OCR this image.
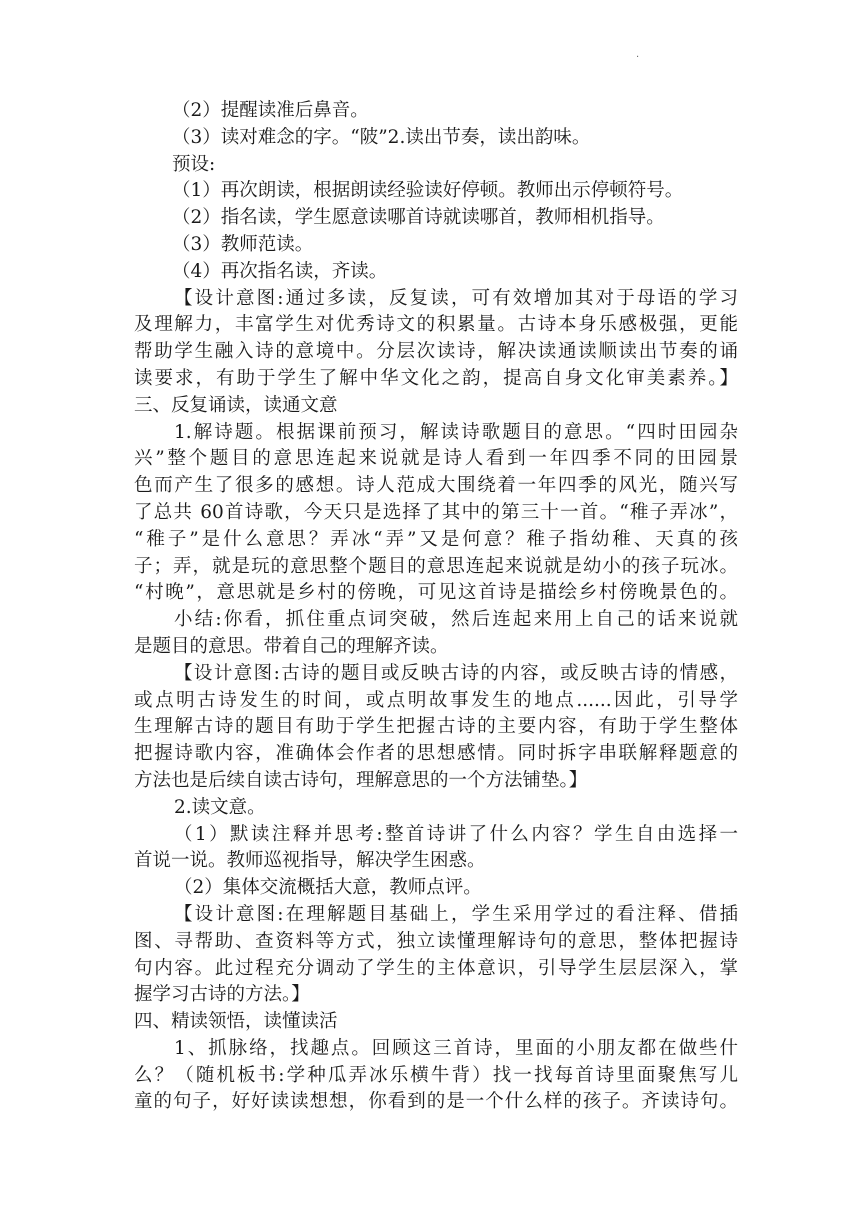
·

（2）提醒读准后鼻音。

（3）读对难念的字。“陂”2.读出节奏，读出韵味。

预设:

（1）再次朗读，根据朗读经验读好停顿。教师出示停顿符号。

（2）指名读，学生愿意读哪首诗就读哪首，教师相机指导。

（3）教师范读。

（4）再次指名读，齐读。

【设计意图:通过多读，反复读，可有效增加其对于母语的学习

及理解力，丰富学生对优秀诗文的积累量。古诗本身乐感极强，更能

帮助学生融入诗的意境中。分层次读诗，解决读通读顺读出节奏的诵

读要求，有助于学生了解中华文化之韵，提高自身文化审美素养。】

三、反复诵读，读通文意

1.解诗题。根据课前预习，解读诗歌题目的意思。“四时田园杂

兴”整个题目的意思连起来说就是诗人看到一年四季不同的田园景

色而产生了很多的感想。诗人范成大围绕着一年四季的风光，随兴写

了总共 60首诗歌，今天只是选择了其中的第三十一首。“稚子弄冰”，

“稚子”是什么意思？弄冰“弄”又是何意？稚子指幼稚、天真的孩

子；弄，就是玩的意思整个题目的意思连起来说就是幼小的孩子玩冰。

“村晚”，意思就是乡村的傍晚，可见这首诗是描绘乡村傍晚景色的。

小结:你看，抓住重点词突破，然后连起来用上自己的话来说就

是题目的意思。带着自己的理解齐读。

【设计意图:古诗的题目或反映古诗的内容，或反映古诗的情感，

或点明古诗发生的时间，或点明故事发生的地点......因此，引导学

生理解古诗的题目有助于学生把握古诗的主要内容，有助于学生整体

把握诗歌内容，准确体会作者的思想感情。同时拆字串联解释题意的

方法也是后续自读古诗句，理解意思的一个方法铺垫。】

2.读文意。

（1）默读注释并思考:整首诗讲了什么内容？学生自由选择一

首说一说。教师巡视指导，解决学生困惑。

（2）集体交流概括大意，教师点评。

【设计意图:在理解题目基础上，学生采用学过的看注释、借插

图、寻帮助、查资料等方式，独立读懂理解诗句的意思，整体把握诗

句内容。此过程充分调动了学生的主体意识，引导学生层层深入，掌

握学习古诗的方法。】

四、精读领悟，读懂读活

1、抓脉络，找趣点。回顾这三首诗，里面的小朋友都在做些什

么？（随机板书:学种瓜弄冰乐横牛背）找一找每首诗里面聚焦写儿

童的句子，好好读读想想，你看到的是一个什么样的孩子。齐读诗句。
